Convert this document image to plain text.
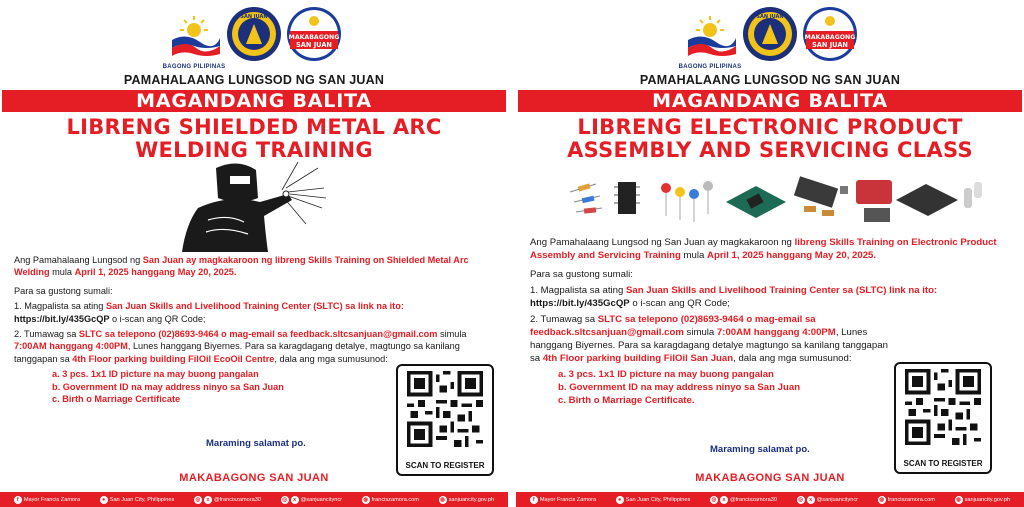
SAN JUAN
MAKABAGONG
SAN JUAN
BAGONG PILIPINAS
PAMAHALAANG LUNGSOD NG SAN JUAN
MAGANDANG BALITA
LIBRENG SHIELDED METAL ARC
WELDING TRAINING
Ang Pamahalaang Lungsod ng San Juan ay magkakaroon ng libreng Skills Training on Shielded Metal Arc Welding mula April 1, 2025 hanggang May 20, 2025.
Para sa gustong sumali:
1. Magpalista sa ating San Juan Skills and Livelihood Training Center (SLTC) sa link na ito:
https://bit.ly/435GcQP o i-scan ang QR Code;
2. Tumawag sa SLTC sa telepono (02)8693-9464 o mag-email sa feedback.sltcsanjuan@gmail.com simula 7:00AM hanggang 4:00PM, Lunes hanggang Biyernes. Para sa karagdagang detalye, magtungo sa kanilang tanggapan sa 4th Floor parking building FilOil EcoOil Centre, dala ang mga sumusunod:
a. 3 pcs. 1x1 ID picture na may buong pangalan
b. Government ID na may address ninyo sa San Juan
c. Birth o Marriage Certificate
SCAN TO REGISTER
Maraming salamat po.
MAKABAGONG SAN JUAN
f Mayor Francis Zamora	● San Juan City, Philippines	◎	x @franciszamora30	◎	x @sanjuancityncr	◍ franciszamora.com	◍ sanjuancity.gov.ph
SAN JUAN
MAKABAGONG
SAN JUAN
BAGONG PILIPINAS
PAMAHALAANG LUNGSOD NG SAN JUAN
MAGANDANG BALITA
LIBRENG ELECTRONIC PRODUCT
ASSEMBLY AND SERVICING CLASS
Ang Pamahalaang Lungsod ng San Juan ay magkakaroon ng libreng Skills Training on Electronic Product Assembly and Servicing Training mula April 1, 2025 hanggang May 20, 2025.
Para sa gustong sumali:
1. Magpalista sa ating San Juan Skills and Livelihood Training Center sa (SLTC) link na ito:
https://bit.ly/435GcQP o i-scan ang QR Code;
2. Tumawag sa SLTC sa telepono (02)8693-9464 o mag-email sa feedback.sltcsanjuan@gmail.com simula 7:00AM hanggang 4:00PM, Lunes hanggang Biyernes. Para sa karagdagang detalye magtungo sa kanilang tanggapan sa 4th Floor parking building FilOil San Juan, dala ang mga sumusunod:
a. 3 pcs. 1x1 ID picture na may buong pangalan
b. Government ID na may address ninyo sa San Juan
c. Birth o Marriage Certificate.
SCAN TO REGISTER
Maraming salamat po.
MAKABAGONG SAN JUAN
f Mayor Francis Zamora	● San Juan City, Philippines	◎	x @franciszamora30	◎	x @sanjuancityncr	◍ franciszamora.com	◍ sanjuancity.gov.ph
